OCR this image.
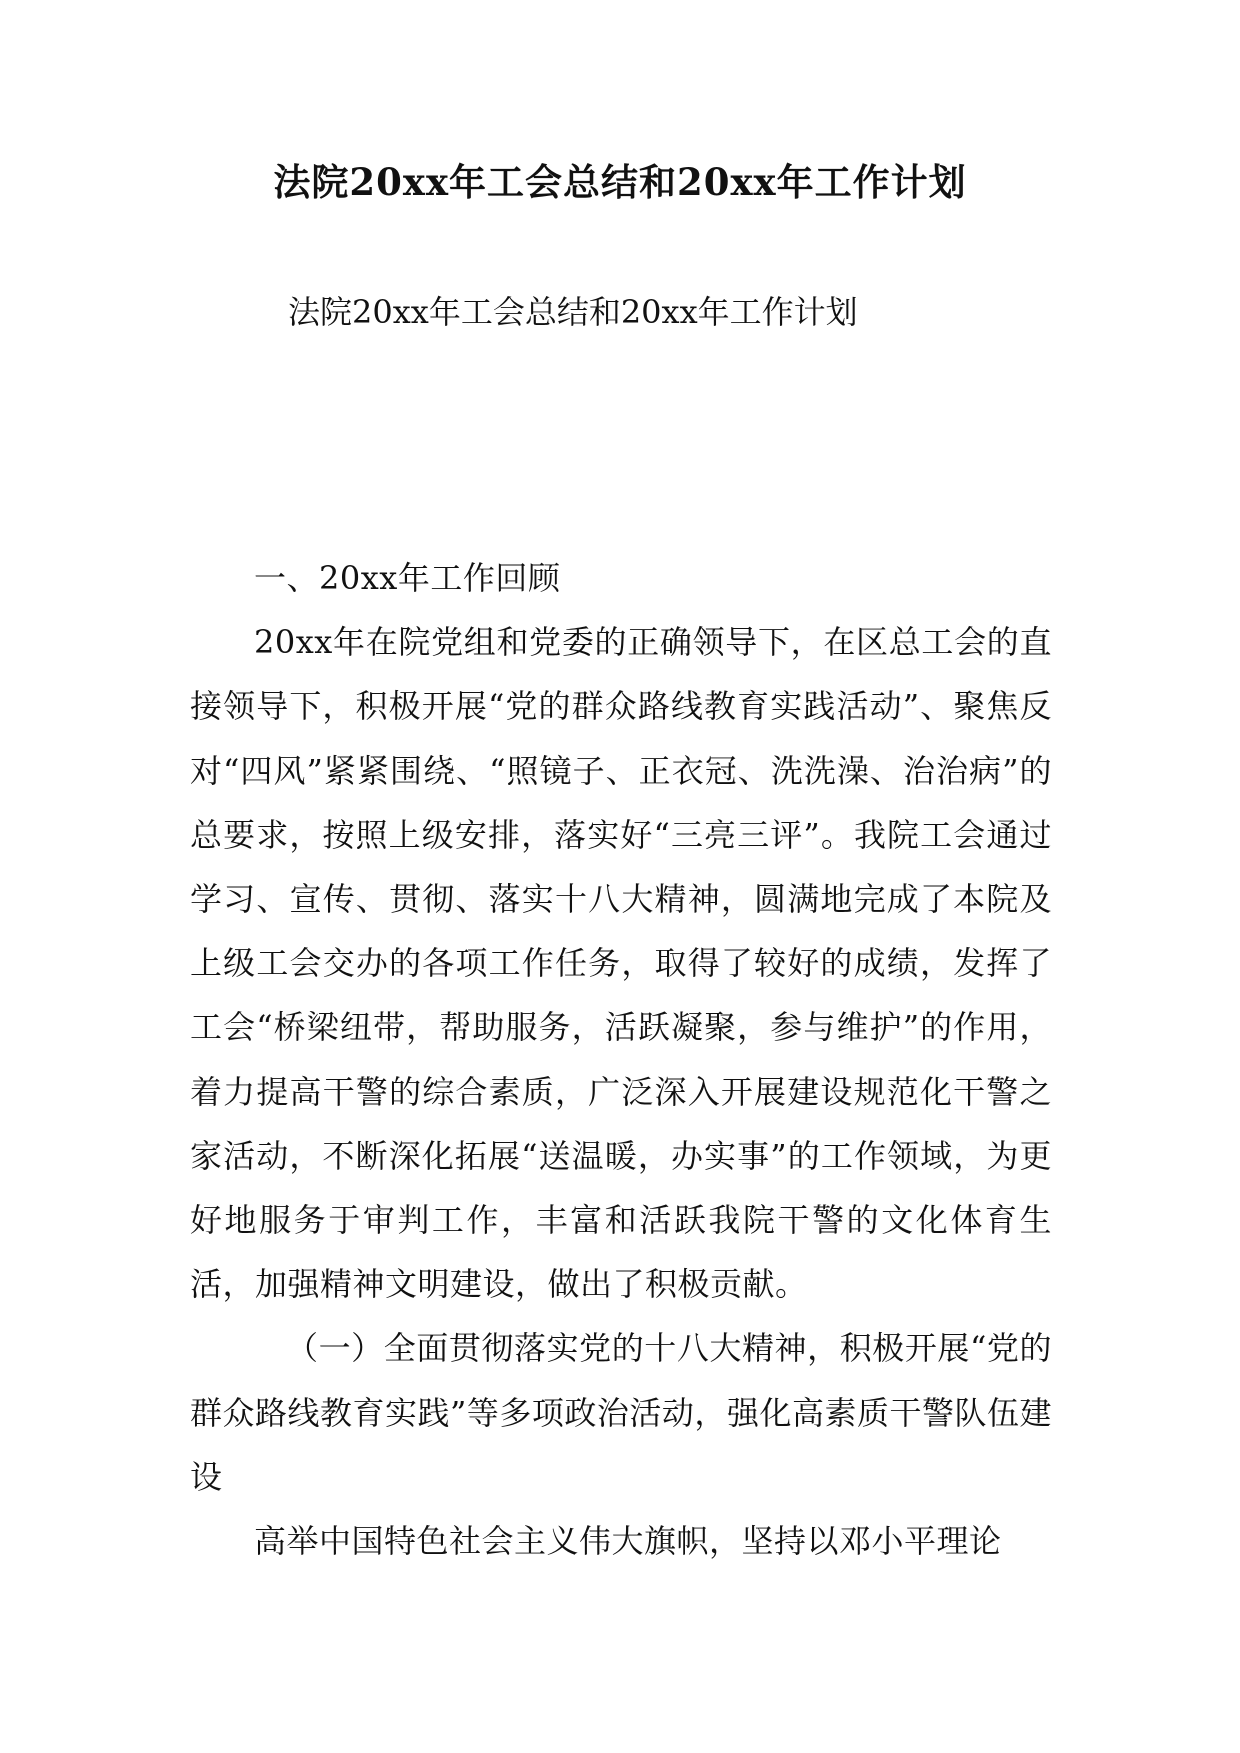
法院20xx年工会总结和20xx年工作计划

法院20xx年工会总结和20xx年工作计划

一、20xx年工作回顾

20xx年在院党组和党委的正确领导下，在区总工会的直接领导下，积极开展“党的群众路线教育实践活动”、聚焦反对“四风”紧紧围绕、“照镜子、正衣冠、洗洗澡、治治病”的总要求，按照上级安排，落实好“三亮三评”。我院工会通过学习、宣传、贯彻、落实十八大精神，圆满地完成了本院及上级工会交办的各项工作任务，取得了较好的成绩，发挥了工会“桥梁纽带，帮助服务，活跃凝聚，参与维护”的作用，着力提高干警的综合素质，广泛深入开展建设规范化干警之家活动，不断深化拓展“送温暖，办实事”的工作领域，为更好地服务于审判工作，丰富和活跃我院干警的文化体育生活，加强精神文明建设，做出了积极贡献。

（一）全面贯彻落实党的十八大精神，积极开展“党的群众路线教育实践”等多项政治活动，强化高素质干警队伍建设

高举中国特色社会主义伟大旗帜，坚持以邓小平理论
